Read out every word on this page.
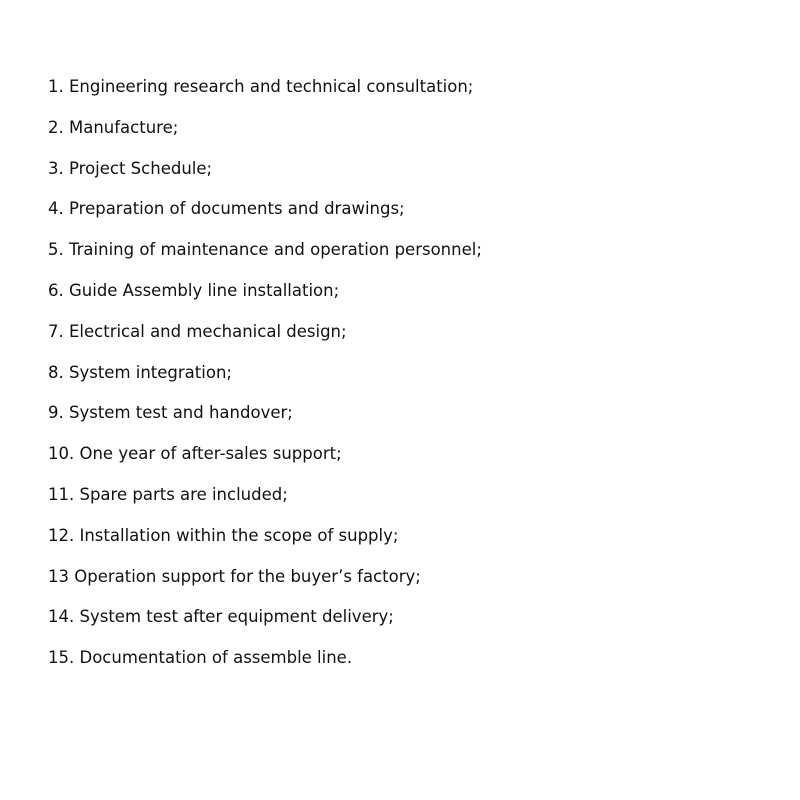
1. Engineering research and technical consultation;
2. Manufacture;
3. Project Schedule;
4. Preparation of documents and drawings;
5. Training of maintenance and operation personnel;
6. Guide Assembly line installation;
7. Electrical and mechanical design;
8. System integration;
9. System test and handover;
10. One year of after-sales support;
11. Spare parts are included;
12. Installation within the scope of supply;
13 Operation support for the buyer’s factory;
14. System test after equipment delivery;
15. Documentation of assemble line.
